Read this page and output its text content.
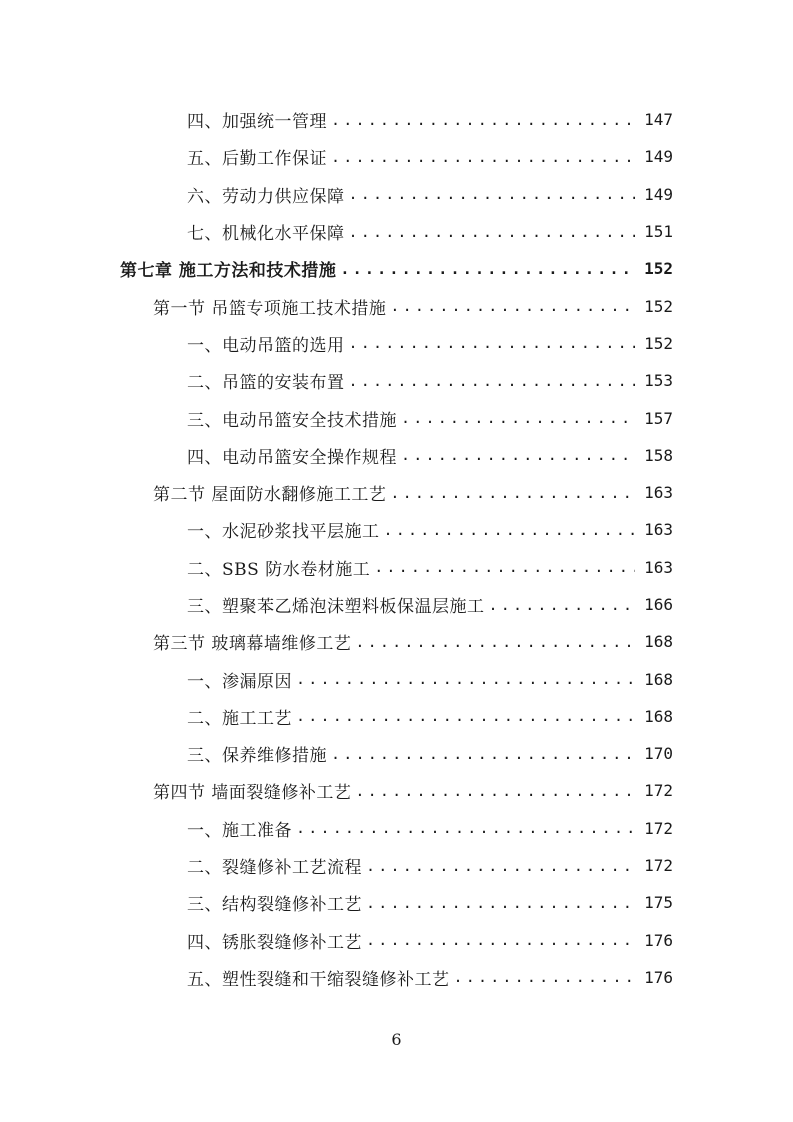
四、加强统一管理 .....	147
五、后勤工作保证 .....	149
六、劳动力供应保障 .....	149
七、机械化水平保障 .....	151
第七章 施工方法和技术措施 .....	152
第一节 吊篮专项施工技术措施 .....	152
一、电动吊篮的选用 .....	152
二、吊篮的安装布置 .....	153
三、电动吊篮安全技术措施 .....	157
四、电动吊篮安全操作规程 .....	158
第二节 屋面防水翻修施工工艺 .....	163
一、水泥砂浆找平层施工 .....	163
二、SBS 防水卷材施工 .....	163
三、塑聚苯乙烯泡沫塑料板保温层施工 .....	166
第三节 玻璃幕墙维修工艺 .....	168
一、渗漏原因 .....	168
二、施工工艺 .....	168
三、保养维修措施 .....	170
第四节 墙面裂缝修补工艺 .....	172
一、施工准备 .....	172
二、裂缝修补工艺流程 .....	172
三、结构裂缝修补工艺 .....	175
四、锈胀裂缝修补工艺 .....	176
五、塑性裂缝和干缩裂缝修补工艺 .....	176
6
